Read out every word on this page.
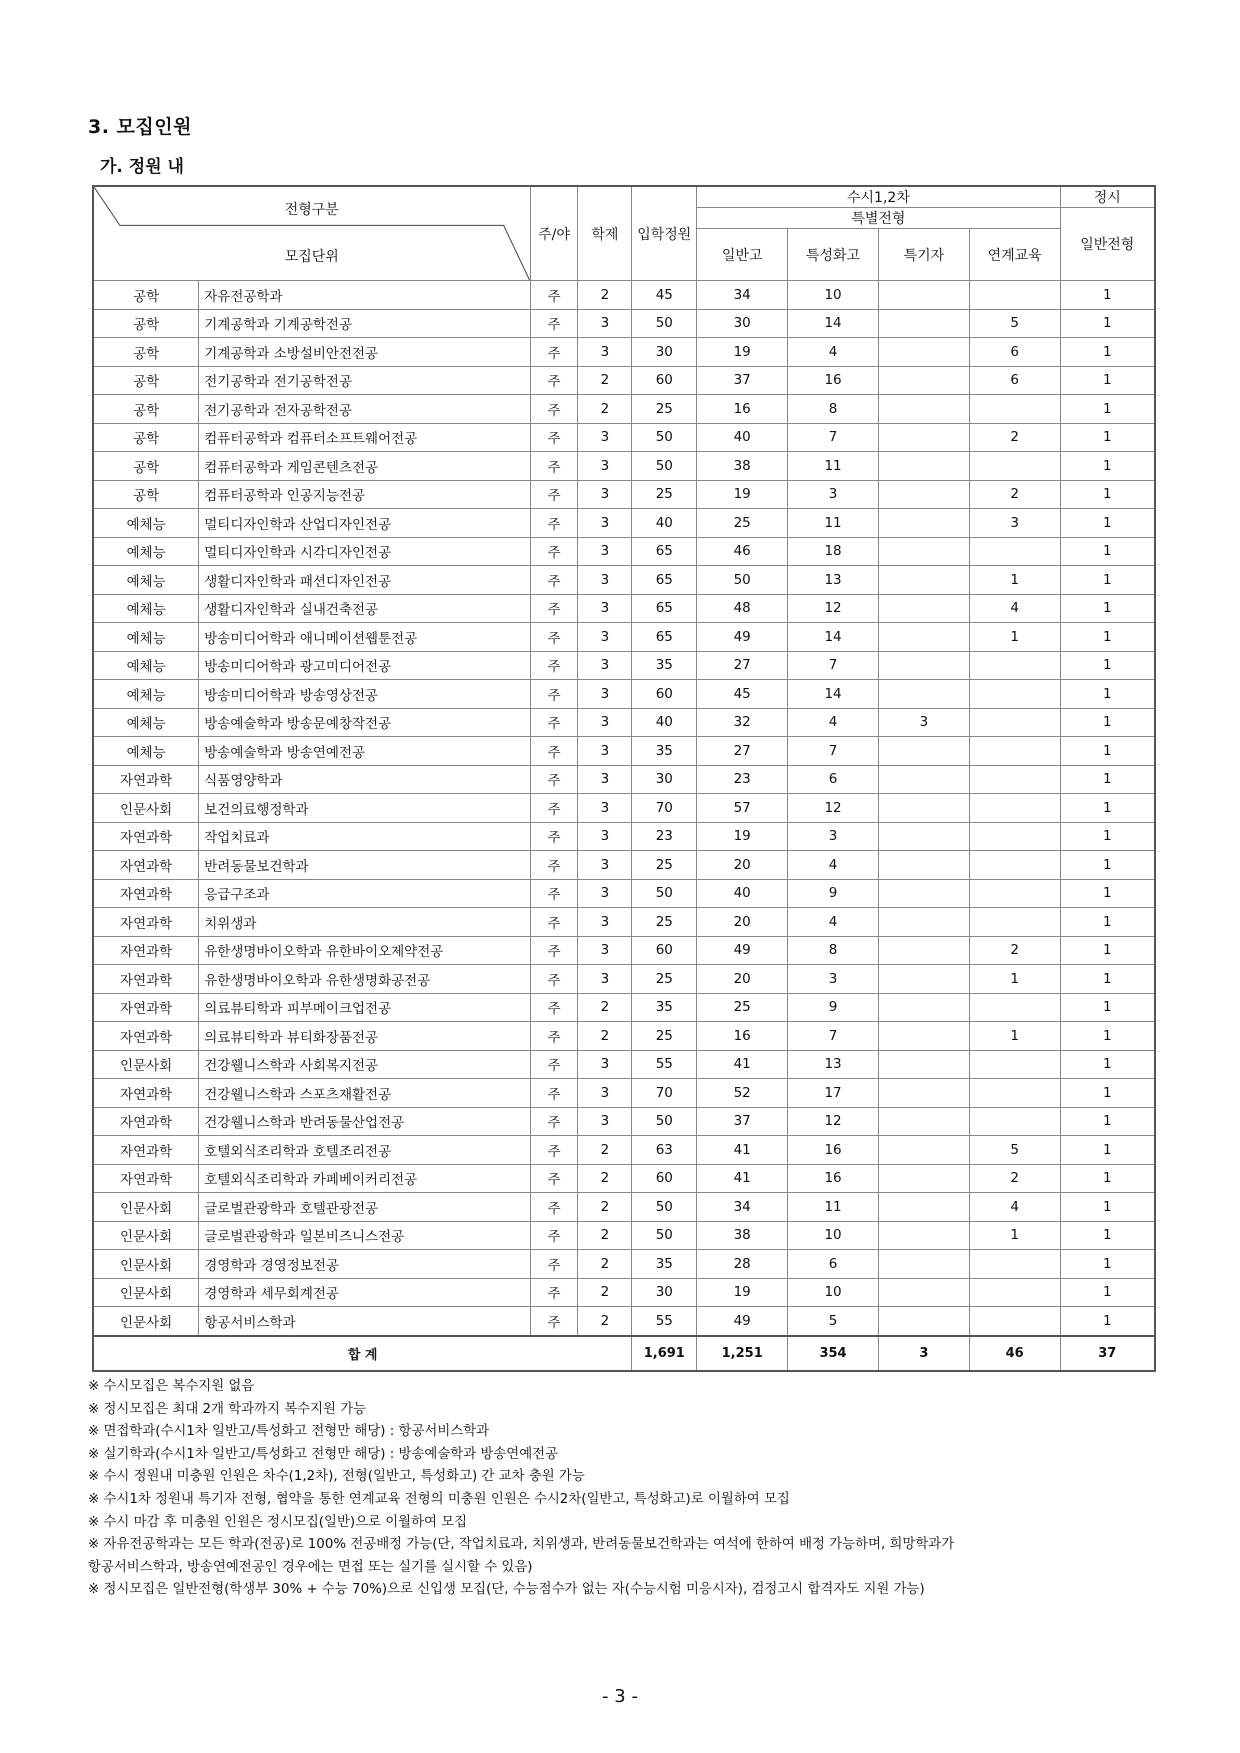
3. 모집인원
가. 정원 내
전형구분
모집단위		주/야	학제	입학정원	수시1,2차				정시
					특별전형				일반전형
					일반고	특성화고	특기자	연계교육	
공학	자유전공학과	주	2	45	34	10			1
공학	기계공학과 기계공학전공	주	3	50	30	14		5	1
공학	기계공학과 소방설비안전전공	주	3	30	19	4		6	1
공학	전기공학과 전기공학전공	주	2	60	37	16		6	1
공학	전기공학과 전자공학전공	주	2	25	16	8			1
공학	컴퓨터공학과 컴퓨터소프트웨어전공	주	3	50	40	7		2	1
공학	컴퓨터공학과 게임콘텐츠전공	주	3	50	38	11			1
공학	컴퓨터공학과 인공지능전공	주	3	25	19	3		2	1
예체능	멀티디자인학과 산업디자인전공	주	3	40	25	11		3	1
예체능	멀티디자인학과 시각디자인전공	주	3	65	46	18			1
예체능	생활디자인학과 패션디자인전공	주	3	65	50	13		1	1
예체능	생활디자인학과 실내건축전공	주	3	65	48	12		4	1
예체능	방송미디어학과 애니메이션웹툰전공	주	3	65	49	14		1	1
예체능	방송미디어학과 광고미디어전공	주	3	35	27	7			1
예체능	방송미디어학과 방송영상전공	주	3	60	45	14			1
예체능	방송예술학과 방송문예창작전공	주	3	40	32	4	3		1
예체능	방송예술학과 방송연예전공	주	3	35	27	7			1
자연과학	식품영양학과	주	3	30	23	6			1
인문사회	보건의료행정학과	주	3	70	57	12			1
자연과학	작업치료과	주	3	23	19	3			1
자연과학	반려동물보건학과	주	3	25	20	4			1
자연과학	응급구조과	주	3	50	40	9			1
자연과학	치위생과	주	3	25	20	4			1
자연과학	유한생명바이오학과 유한바이오제약전공	주	3	60	49	8		2	1
자연과학	유한생명바이오학과 유한생명화공전공	주	3	25	20	3		1	1
자연과학	의료뷰티학과 피부메이크업전공	주	2	35	25	9			1
자연과학	의료뷰티학과 뷰티화장품전공	주	2	25	16	7		1	1
인문사회	건강웰니스학과 사회복지전공	주	3	55	41	13			1
자연과학	건강웰니스학과 스포츠재활전공	주	3	70	52	17			1
자연과학	건강웰니스학과 반려동물산업전공	주	3	50	37	12			1
자연과학	호텔외식조리학과 호텔조리전공	주	2	63	41	16		5	1
자연과학	호텔외식조리학과 카페베이커리전공	주	2	60	41	16		2	1
인문사회	글로벌관광학과 호텔관광전공	주	2	50	34	11		4	1
인문사회	글로벌관광학과 일본비즈니스전공	주	2	50	38	10		1	1
인문사회	경영학과 경영정보전공	주	2	35	28	6			1
인문사회	경영학과 세무회계전공	주	2	30	19	10			1
인문사회	항공서비스학과	주	2	55	49	5			1
합 계				1,691	1,251	354	3	46	37
※ 수시모집은 복수지원 없음
※ 정시모집은 최대 2개 학과까지 복수지원 가능
※ 면접학과(수시1차 일반고/특성화고 전형만 해당) : 항공서비스학과
※ 실기학과(수시1차 일반고/특성화고 전형만 해당) : 방송예술학과 방송연예전공
※ 수시 정원내 미충원 인원은 차수(1,2차), 전형(일반고, 특성화고) 간 교차 충원 가능
※ 수시1차 정원내 특기자 전형, 협약을 통한 연계교육 전형의 미충원 인원은 수시2차(일반고, 특성화고)로 이월하여 모집
※ 수시 마감 후 미충원 인원은 정시모집(일반)으로 이월하여 모집
※ 자유전공학과는 모든 학과(전공)로 100% 전공배정 가능(단, 작업치료과, 치위생과, 반려동물보건학과는 여석에 한하여 배정 가능하며, 희망학과가
항공서비스학과, 방송연예전공인 경우에는 면접 또는 실기를 실시할 수 있음)
※ 정시모집은 일반전형(학생부 30% + 수능 70%)으로 신입생 모집(단, 수능점수가 없는 자(수능시험 미응시자), 검정고시 합격자도 지원 가능)
- 3 -
